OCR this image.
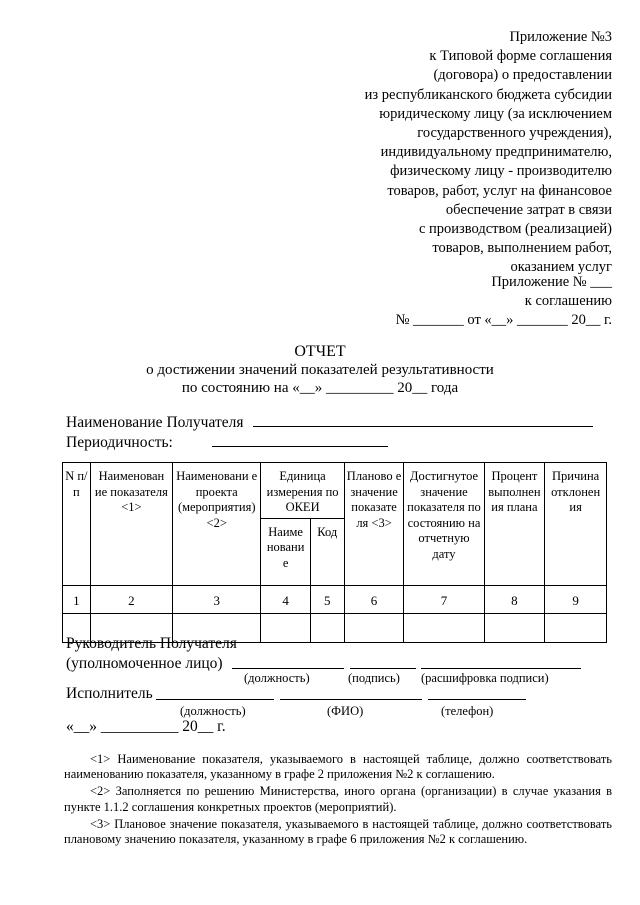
Приложение №3
к Типовой форме соглашения
(договора) о предоставлении
из республиканского бюджета субсидии
юридическому лицу (за исключением
государственного учреждения),
индивидуальному предпринимателю,
физическому лицу - производителю
товаров, работ, услуг на финансовое
обеспечение затрат в связи
с производством (реализацией)
товаров, выполнением работ,
оказанием услуг
Приложение № ___
к соглашению
№ _______ от «__» _______ 20__ г.
ОТЧЕТ
о достижении значений показателей результативности
по состоянию на «__» _________ 20__ года
Наименование Получателя
Периодичность:
N п/п	Наименован ие показателя <1>	Наименовани е проекта (мероприятия) <2>	Единица измерения по ОКЕИ		Планово е значение показате ля <3>	Достигнутое значение показателя по состоянию на отчетную дату	Процент выполнен ия плана	Причина отклонен ия
			Наиме новани е	Код				
1	2	3	4	5	6	7	8	9

Руководитель Получателя
(уполномоченное лицо)
(должность)	(подпись) (расшифровка подписи)
Исполнитель
(должность)	(ФИО)	(телефон)
«__» __________ 20__ г.

<1> Наименование показателя, указываемого в настоящей таблице, должно соответствовать наименованию показателя, указанному в графе 2 приложения №2 к соглашению.

<2> Заполняется по решению Министерства, иного органа (организации) в случае указания в пункте 1.1.2 соглашения конкретных проектов (мероприятий).

<3> Плановое значение показателя, указываемого в настоящей таблице, должно соответствовать плановому значению показателя, указанному в графе 6 приложения №2 к соглашению.
